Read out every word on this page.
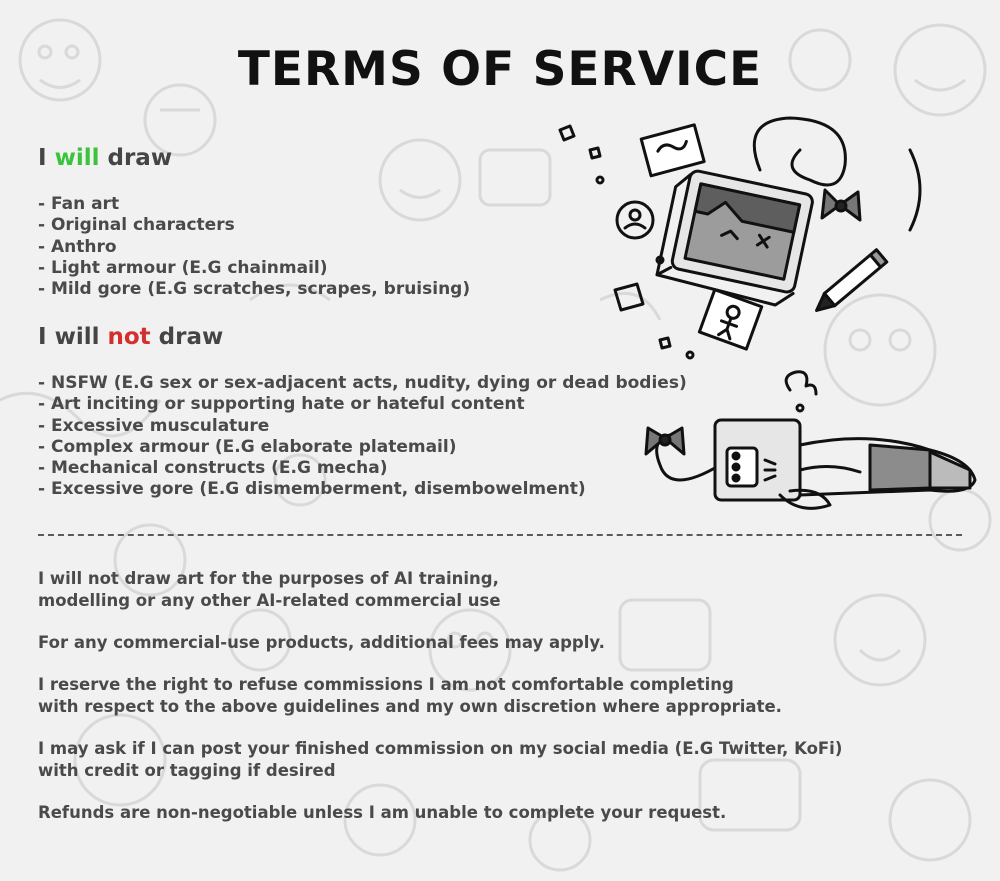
TERMS OF SERVICE
I will draw
- Fan art
- Original characters
- Anthro
- Light armour (E.G chainmail)
- Mild gore (E.G scratches, scrapes, bruising)
I will not draw
- NSFW (E.G sex or sex-adjacent acts, nudity, dying or dead bodies)
- Art inciting or supporting hate or hateful content
- Excessive musculature
- Complex armour (E.G elaborate platemail)
- Mechanical constructs (E.G mecha)
- Excessive gore (E.G dismemberment, disembowelment)

I will not draw art for the purposes of AI training,
modelling or any other AI-related commercial use

For any commercial-use products, additional fees may apply.

I reserve the right to refuse commissions I am not comfortable completing
with respect to the above guidelines and my own discretion where appropriate.

I may ask if I can post your finished commission on my social media (E.G Twitter, KoFi)
with credit or tagging if desired

Refunds are non-negotiable unless I am unable to complete your request.
